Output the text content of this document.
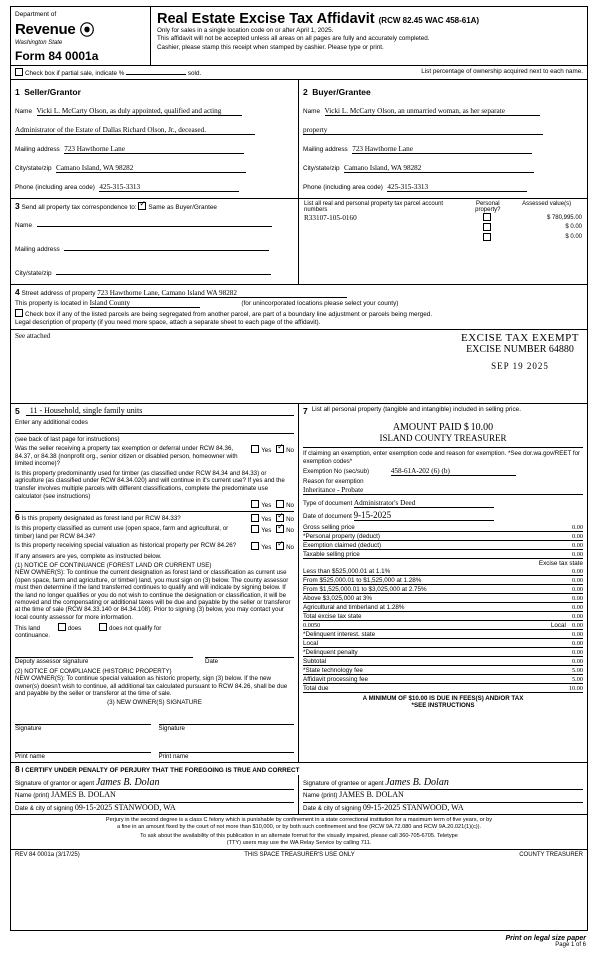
Department of
Revenue ⦿
Washington State
Form 84 0001a
Real Estate Excise Tax Affidavit (RCW 82.45 WAC 458-61A)
Only for sales in a single location code on or after April 1, 2025.
This affidavit will not be accepted unless all areas on all pages are fully and accurately completed.
Cashier, please stamp this receipt when stamped by cashier. Please type or print.
Check box if partial sale, indicate %	sold.	List percentage of ownership acquired next to each name.
1 Seller/Grantor
Name Vicki L. McCarty Olson, as duly appointed, qualified and acting
Administrator of the Estate of Dallas Richard Olson, Jr., deceased.
Mailing address 723 Hawthorne Lane
City/state/zip Camano Island, WA 98282
Phone (including area code) 425-315-3313
2 Buyer/Grantee
Name Vicki L. McCarty Olson, an unmarried woman, as her separate
property
Mailing address 723 Hawthorne Lane
City/state/zip Camano Island, WA 98282
Phone (including area code) 425-315-3313
3 Send all property tax correspondence to: ✓ Same as Buyer/Grantee
Name
Mailing address
City/state/zip
List all real and personal property tax parcel account numbers	Personal property?	Assessed value(s)
R33107-105-0160		$ 780,995.00
		$ 0.00
		$ 0.00
4 Street address of property 723 Hawthorne Lane, Camano Island WA 98282
This property is located in Island County	(for unincorporated locations please select your county)
Check box if any of the listed parcels are being segregated from another parcel, are part of a boundary line adjustment or parcels being merged.
Legal description of property (if you need more space, attach a separate sheet to each page of the affidavit).
See attached	EXCISE TAX EXEMPT
EXCISE NUMBER 64880
SEP 19 2025
5	11 - Household, single family units
Enter any additional codes
(see back of last page for instructions)
Was the seller receiving a property tax exemption or deferral under RCW 84.36, 84.37, or 84.38 (nonprofit org., senior citizen or disabled person, homeowner with limited income)?
Yes ✓ No
Is this property predominantly used for timber (as classified under RCW 84.34 and 84.33) or agriculture (as classified under RCW 84.34.020) and will continue in it's current use? If yes and the transfer involves multiple parcels with different classifications, complete the predominate use calculator (see instructions)
Yes No
6 Is this property designated as forest land per RCW 84.33?	Yes ✓ No
Is this property classified as current use (open space, farm and agricultural, or timber) land per RCW 84.34?
Yes ✓ No
Is this property receiving special valuation as historical property per RCW 84.26?	Yes ✓ No
If any answers are yes, complete as instructed below.
(1) NOTICE OF CONTINUANCE (FOREST LAND OR CURRENT USE)
NEW OWNER(S): To continue the current designation as forest land or classification as current use (open space, farm and agriculture, or timber) land, you must sign on (3) below. The county assessor must then determine if the land transferred continues to qualify and will indicate by signing below. If the land no longer qualifies or you do not wish to continue the designation or classification, it will be removed and the compensating or additional taxes will be due and payable by the seller or transferor at the time of sale (RCW 84.33.140 or 84.34.108). Prior to signing (3) below, you may contact your local county assessor for more information.
This land	does	does not qualify for
continuance.
Deputy assessor signature	Date
(2) NOTICE OF COMPLIANCE (HISTORIC PROPERTY)
NEW OWNER(S): To continue special valuation as historic property, sign (3) below. If the new owner(s) doesn't wish to continue, all additional tax calculated pursuant to RCW 84.26, shall be due and payable by the seller or transferor at the time of sale.
(3) NEW OWNER(S) SIGNATURE
Signature	Signature
Print name	Print name
7 List all personal property (tangible and intangible) included in selling price.
AMOUNT PAID $ 10.00
ISLAND COUNTY TREASURER
If claiming an exemption, enter exemption code and reason for exemption. *See dor.wa.gov/REET for exemption codes*
Exemption No (sec/sub)	458-61A-202 (6) (b)
Reason for exemption
Inheritance - Probate
Type of document Administrator's Deed
Date of document 9-15-2025
Gross selling price	0.00
*Personal property (deduct)	0.00
Exemption claimed (deduct)	0.00
Taxable selling price	0.00
Excise tax state
Less than $525,000.01 at 1.1%	0.00
From $525,000.01 to $1,525,000 at 1.28%	0.00
From $1,525,000.01 to $3,025,000 at 2.75%	0.00
Above $3,025,000 at 3%	0.00
Agricultural and timberland at 1.28%	0.00
Total excise tax state	0.00
0.0050	Local 0.00
*Delinquent interest. state	0.00
Local	0.00
*Delinquent penalty	0.00
Subtotal	0.00
*State technology fee	5.00
Affidavit processing fee	5.00
Total due	10.00
A MINIMUM OF $10.00 IS DUE IN FEES(S) AND/OR TAX
*SEE INSTRUCTIONS
8 I CERTIFY UNDER PENALTY OF PERJURY THAT THE FOREGOING IS TRUE AND CORRECT
Signature of grantor or agent James B. Dolan
Name (print) JAMES B. DOLAN
Date & city of signing 09-15-2025 STANWOOD, WA
Signature of grantee or agent James B. Dolan
Name (print) JAMES B. DOLAN
Date & city of signing 09-15-2025 STANWOOD, WA
Perjury in the second degree is a class C felony which is punishable by confinement in a state correctional institution for a maximum term of five years, or by
a fine in an amount fixed by the court of not more than $10,000, or by both such confinement and fine (RCW 9A.72.080 and RCW 9A.20.021(1)(c)).
To ask about the availability of this publication in an alternate format for the visually impaired, please call 360-705-6705. Teletype
(TTY) users may use the WA Relay Service by calling 711.
REV 84 0001a (3/17/25)	THIS SPACE TREASURER'S USE ONLY	COUNTY TREASURER
Print on legal size paper
Page 1 of 6
